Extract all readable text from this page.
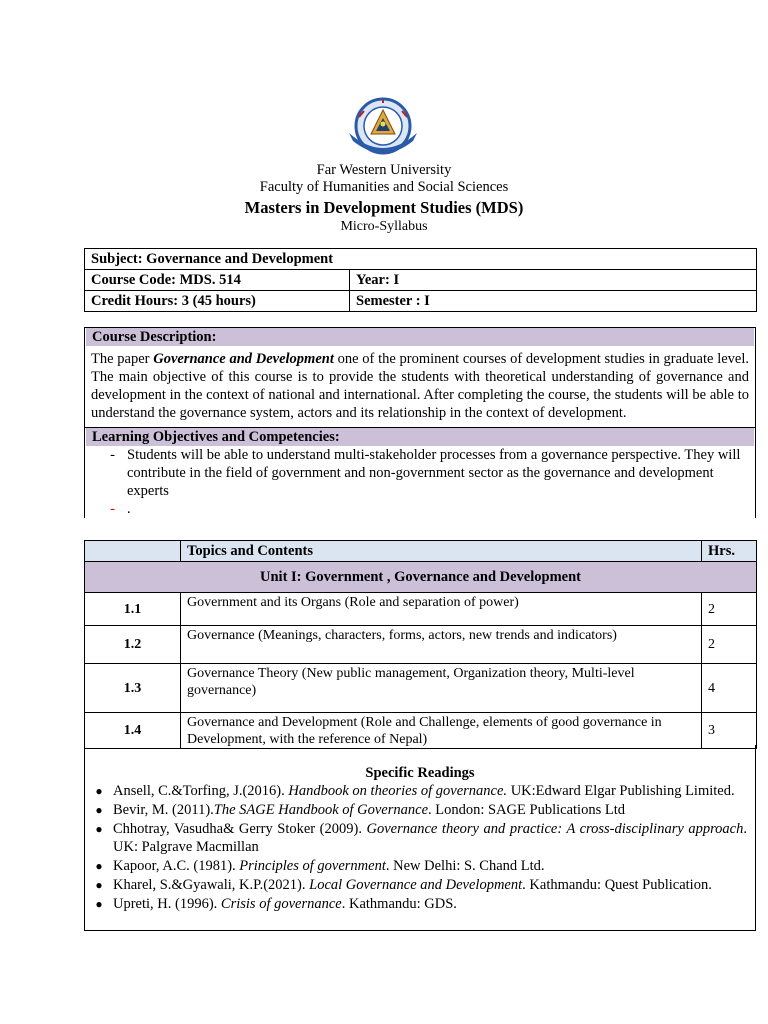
Far Western University
Faculty of Humanities and Social Sciences
Masters in Development Studies (MDS)
Micro-Syllabus
Subject: Governance and Development	
Course Code: MDS. 514	Year: I
Credit Hours: 3 (45 hours)	Semester : I
Course Description:
The paper Governance and Development one of the prominent courses of development studies in graduate level. The main objective of this course is to provide the students with theoretical understanding of governance and development in the context of national and international. After completing the course, the students will be able to understand the governance system, actors and its relationship in the context of development.
Learning Objectives and Competencies:
- Students will be able to understand multi-stakeholder processes from a governance perspective. They will contribute in the field of government and non-government sector as the governance and development experts
- .
	Topics and Contents	Hrs.
Unit I: Government , Governance and Development		
1.1	Government and its Organs (Role and separation of power)	2
1.2	Governance (Meanings, characters, forms, actors, new trends and indicators)	2
1.3	Governance Theory (New public management, Organization theory, Multi-level governance)	4
1.4	Governance and Development (Role and Challenge, elements of good governance in Development, with the reference of Nepal)	3
Specific Readings
● Ansell, C.&Torfing, J.(2016). Handbook on theories of governance. UK:Edward Elgar Publishing Limited.
● Bevir, M. (2011).The SAGE Handbook of Governance. London: SAGE Publications Ltd
● Chhotray, Vasudha& Gerry Stoker (2009). Governance theory and practice: A cross-disciplinary approach. UK: Palgrave Macmillan
● Kapoor, A.C. (1981). Principles of government. New Delhi: S. Chand Ltd.
● Kharel, S.&Gyawali, K.P.(2021). Local Governance and Development. Kathmandu: Quest Publication.
● Upreti, H. (1996). Crisis of governance. Kathmandu: GDS.
